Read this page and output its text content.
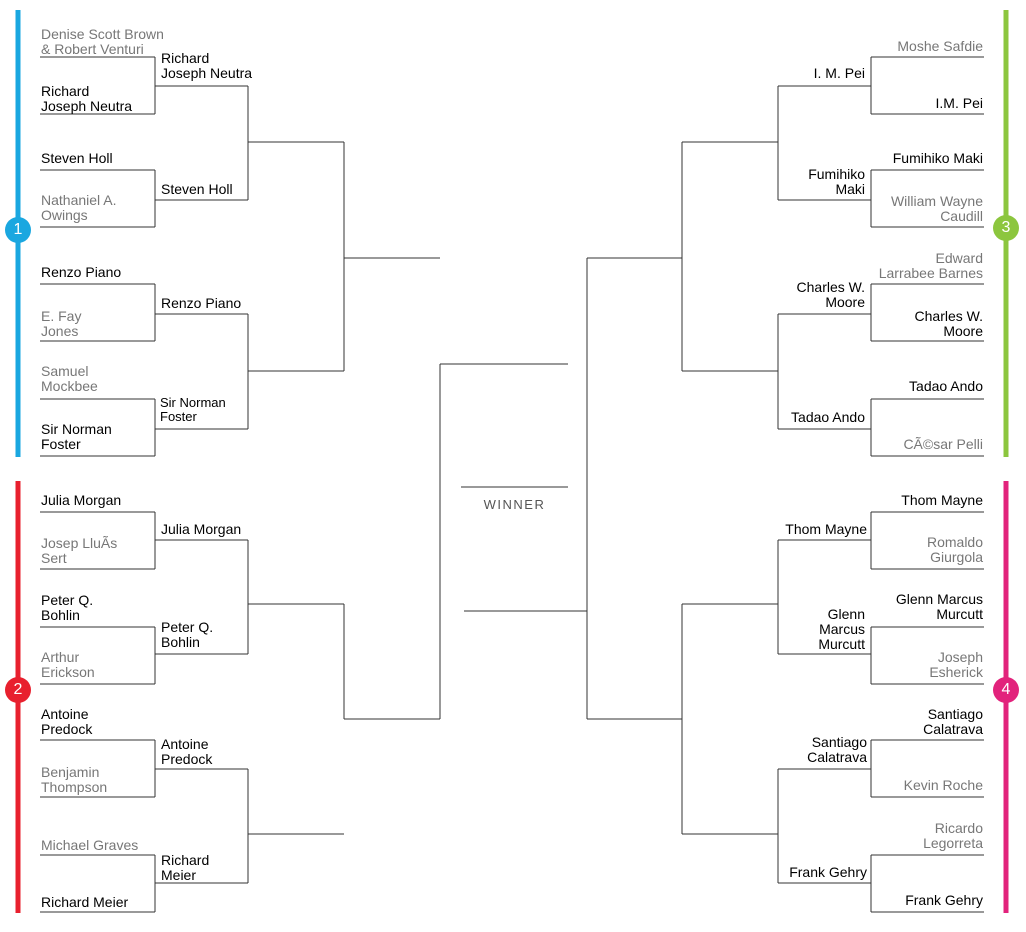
1
2
3
4
WINNER
Denise Scott Brown
& Robert Venturi
Richard
Joseph Neutra
Steven Holl
Nathaniel A.
Owings
Renzo Piano
E. Fay
Jones
Samuel
Mockbee
Sir Norman
Foster
Richard
Joseph Neutra
Steven Holl
Renzo Piano
Sir Norman
Foster
Julia Morgan
Josep LluÃs
Sert
Peter Q.
Bohlin
Arthur
Erickson
Antoine
Predock
Benjamin
Thompson
Michael Graves
Richard Meier
Julia Morgan
Peter Q.
Bohlin
Antoine
Predock
Richard
Meier
Moshe Safdie
I.M. Pei
Fumihiko Maki
William Wayne
Caudill
Edward
Larrabee Barnes
Charles W.
Moore
Tadao Ando
CÃ©sar Pelli
I. M. Pei
Fumihiko
Maki
Charles W.
Moore
Tadao Ando
Thom Mayne
Romaldo
Giurgola
Glenn Marcus
Murcutt
Joseph
Esherick
Santiago
Calatrava
Kevin Roche
Ricardo
Legorreta
Frank Gehry
Thom Mayne
Glenn
Marcus
Murcutt
Santiago
Calatrava
Frank Gehry
